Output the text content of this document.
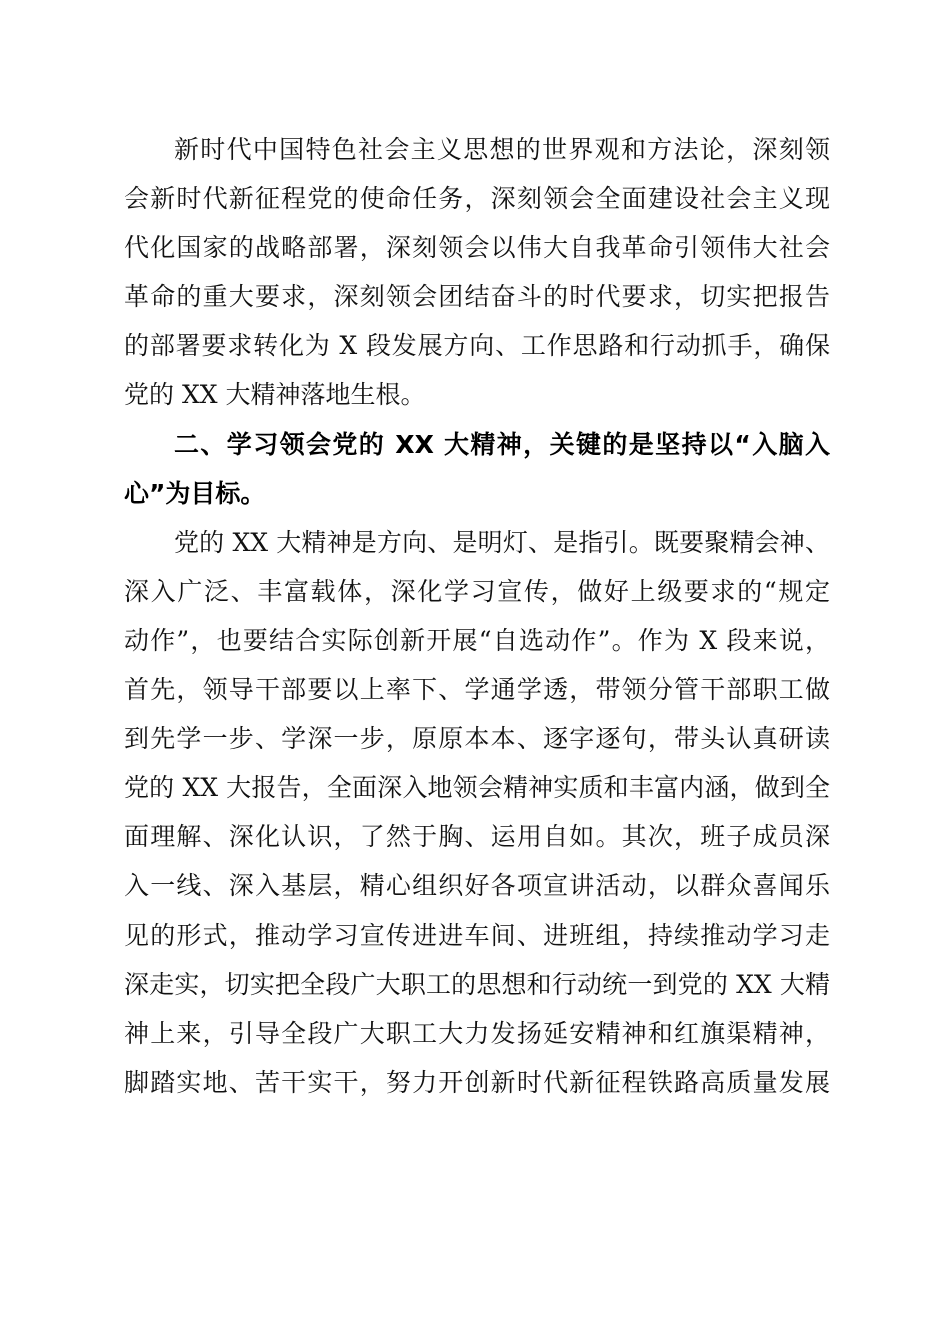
新时代中国特色社会主义思想的世界观和方法论，深刻领
会新时代新征程党的使命任务，深刻领会全面建设社会主义现
代化国家的战略部署，深刻领会以伟大自我革命引领伟大社会
革命的重大要求，深刻领会团结奋斗的时代要求，切实把报告
的部署要求转化为 X 段发展方向、工作思路和行动抓手，确保
党的 XX 大精神落地生根。
二、学习领会党的 XX 大精神，关键的是坚持以“入脑入
心”为目标。
党的 XX 大精神是方向、是明灯、是指引。既要聚精会神、
深入广泛、丰富载体，深化学习宣传，做好上级要求的“规定
动作”，也要结合实际创新开展“自选动作”。作为 X 段来说，
首先，领导干部要以上率下、学通学透，带领分管干部职工做
到先学一步、学深一步，原原本本、逐字逐句，带头认真研读
党的 XX 大报告，全面深入地领会精神实质和丰富内涵，做到全
面理解、深化认识，了然于胸、运用自如。其次，班子成员深
入一线、深入基层，精心组织好各项宣讲活动，以群众喜闻乐
见的形式，推动学习宣传进进车间、进班组，持续推动学习走
深走实，切实把全段广大职工的思想和行动统一到党的 XX 大精
神上来，引导全段广大职工大力发扬延安精神和红旗渠精神，
脚踏实地、苦干实干，努力开创新时代新征程铁路高质量发展
